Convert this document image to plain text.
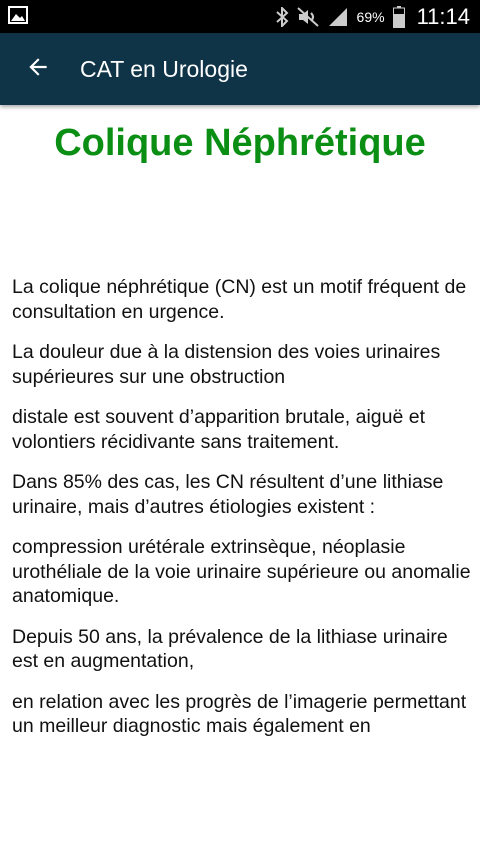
69% 11:14
CAT en Urologie
Colique Néphrétique

La colique néphrétique (CN) est un motif fréquent de consultation en urgence.

La douleur due à la distension des voies urinaires supérieures sur une obstruction

distale est souvent d’apparition brutale, aiguë et volontiers récidivante sans traitement.

Dans 85% des cas, les CN résultent d’une lithiase urinaire, mais d’autres étiologies existent :

compression urétérale extrinsèque, néoplasie urothéliale de la voie urinaire supérieure ou anomalie anatomique.

Depuis 50 ans, la prévalence de la lithiase urinaire est en augmentation,

en relation avec les progrès de l’imagerie permettant un meilleur diagnostic mais également en
